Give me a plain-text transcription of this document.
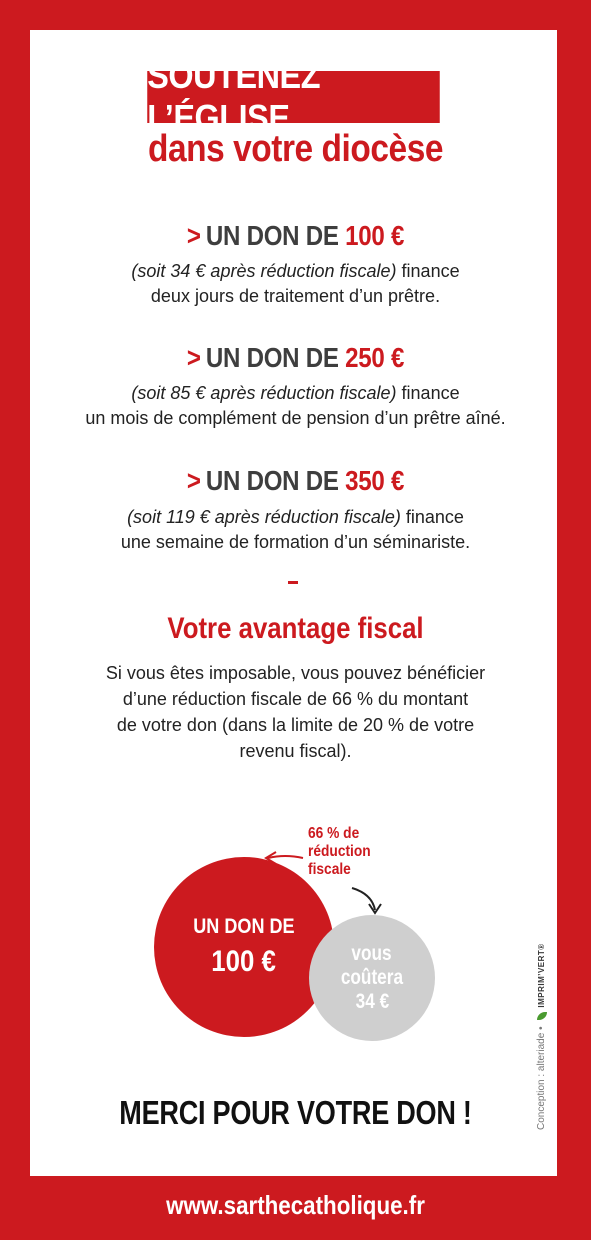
SOUTENEZ L’ÉGLISE
dans votre diocèse
> UN DON DE 100 €
(soit 34 € après réduction fiscale) finance
deux jours de traitement d’un prêtre.
> UN DON DE 250 €
(soit 85 € après réduction fiscale) finance
un mois de complément de pension d’un prêtre aîné.
> UN DON DE 350 €
(soit 119 € après réduction fiscale) finance
une semaine de formation d’un séminariste.
Votre avantage fiscal
Si vous êtes imposable, vous pouvez bénéficier
d’une réduction fiscale de 66 % du montant
de votre don (dans la limite de 20 % de votre
revenu fiscal).
UN DON DE
100 €	vous
coûtera
34 €
66 % de
réduction
fiscale
MERCI POUR VOTRE DON !	Conception : alteriade
•
IMPRIM’VERT®
www.sarthecatholique.fr
